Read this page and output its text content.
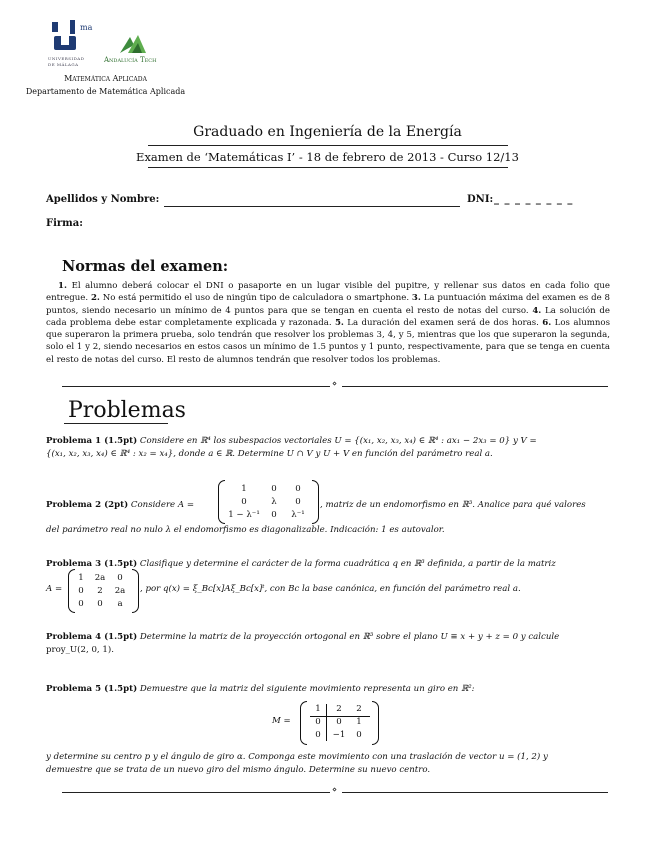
ma
UNIVERSIDAD
DE MÁLAGA
Andalucía Tech
Matemática Aplicada
Departamento de Matemática Aplicada
Graduado en Ingeniería de la Energía
Examen de ‘Matemáticas I’ - 18 de febrero de 2013 - Curso 12/13
Apellidos y Nombre:	DNI: _ _ _ _ _ _ _ _
Firma:
Normas del examen:
1. El alumno deberá colocar el DNI o pasaporte en un lugar visible del pupitre, y rellenar sus datos en cada folio que entregue. 2. No está permitido el uso de ningún tipo de calculadora o smartphone. 3. La puntuación máxima del examen es de 8 puntos, siendo necesario un mínimo de 4 puntos para que se tengan en cuenta el resto de notas del curso. 4. La solución de cada problema debe estar completamente explicada y razonada. 5. La duración del examen será de dos horas. 6. Los alumnos que superaron la primera prueba, solo tendrán que resolver los problemas 3, 4, y 5, mientras que los que superaron la segunda, solo el 1 y 2, siendo necesarios en estos casos un mínimo de 1.5 puntos y 1 punto, respectivamente, para que se tenga en cuenta el resto de notas del curso. El resto de alumnos tendrán que resolver todos los problemas.
⋄
Problemas
Problema 1 (1.5pt) Considere en ℝ⁴ los subespacios vectoriales U = {(x₁, x₂, x₃, x₄) ∈ ℝ⁴ : ax₁ − 2x₃ = 0} y V =
{(x₁, x₂, x₃, x₄) ∈ ℝ⁴ : x₂ = x₄}, donde a ∈ ℝ. Determine U ∩ V y U + V en función del parámetro real a.
Problema 2 (2pt) Considere A =
1	0	0
0	λ	0
1 − λ⁻¹	0	λ⁻¹
, matriz de un endomorfismo en ℝ³. Analice para qué valores
del parámetro real no nulo λ el endomorfismo es diagonalizable. Indicación: 1 es autovalor.
Problema 3 (1.5pt) Clasifique y determine el carácter de la forma cuadrática q en ℝ³ definida, a partir de la matriz
A =
1	2a	0
0	2	2a
0	0	a
, por q(x) = ξ_Bc[x]Aξ_Bc[x]ᵗ, con Bc la base canónica, en función del parámetro real a.
Problema 4 (1.5pt) Determine la matriz de la proyección ortogonal en ℝ³ sobre el plano U ≡ x + y + z = 0 y calcule
proy_U(2, 0, 1).
Problema 5 (1.5pt) Demuestre que la matriz del siguiente movimiento representa un giro en ℝ²:
M =
1	2	2
0	0	1
0	−1	0
y determine su centro p y el ángulo de giro α. Compongа este movimiento con una traslación de vector u = (1, 2) y
demuestre que se trata de un nuevo giro del mismo ángulo. Determine su nuevo centro.
⋄
